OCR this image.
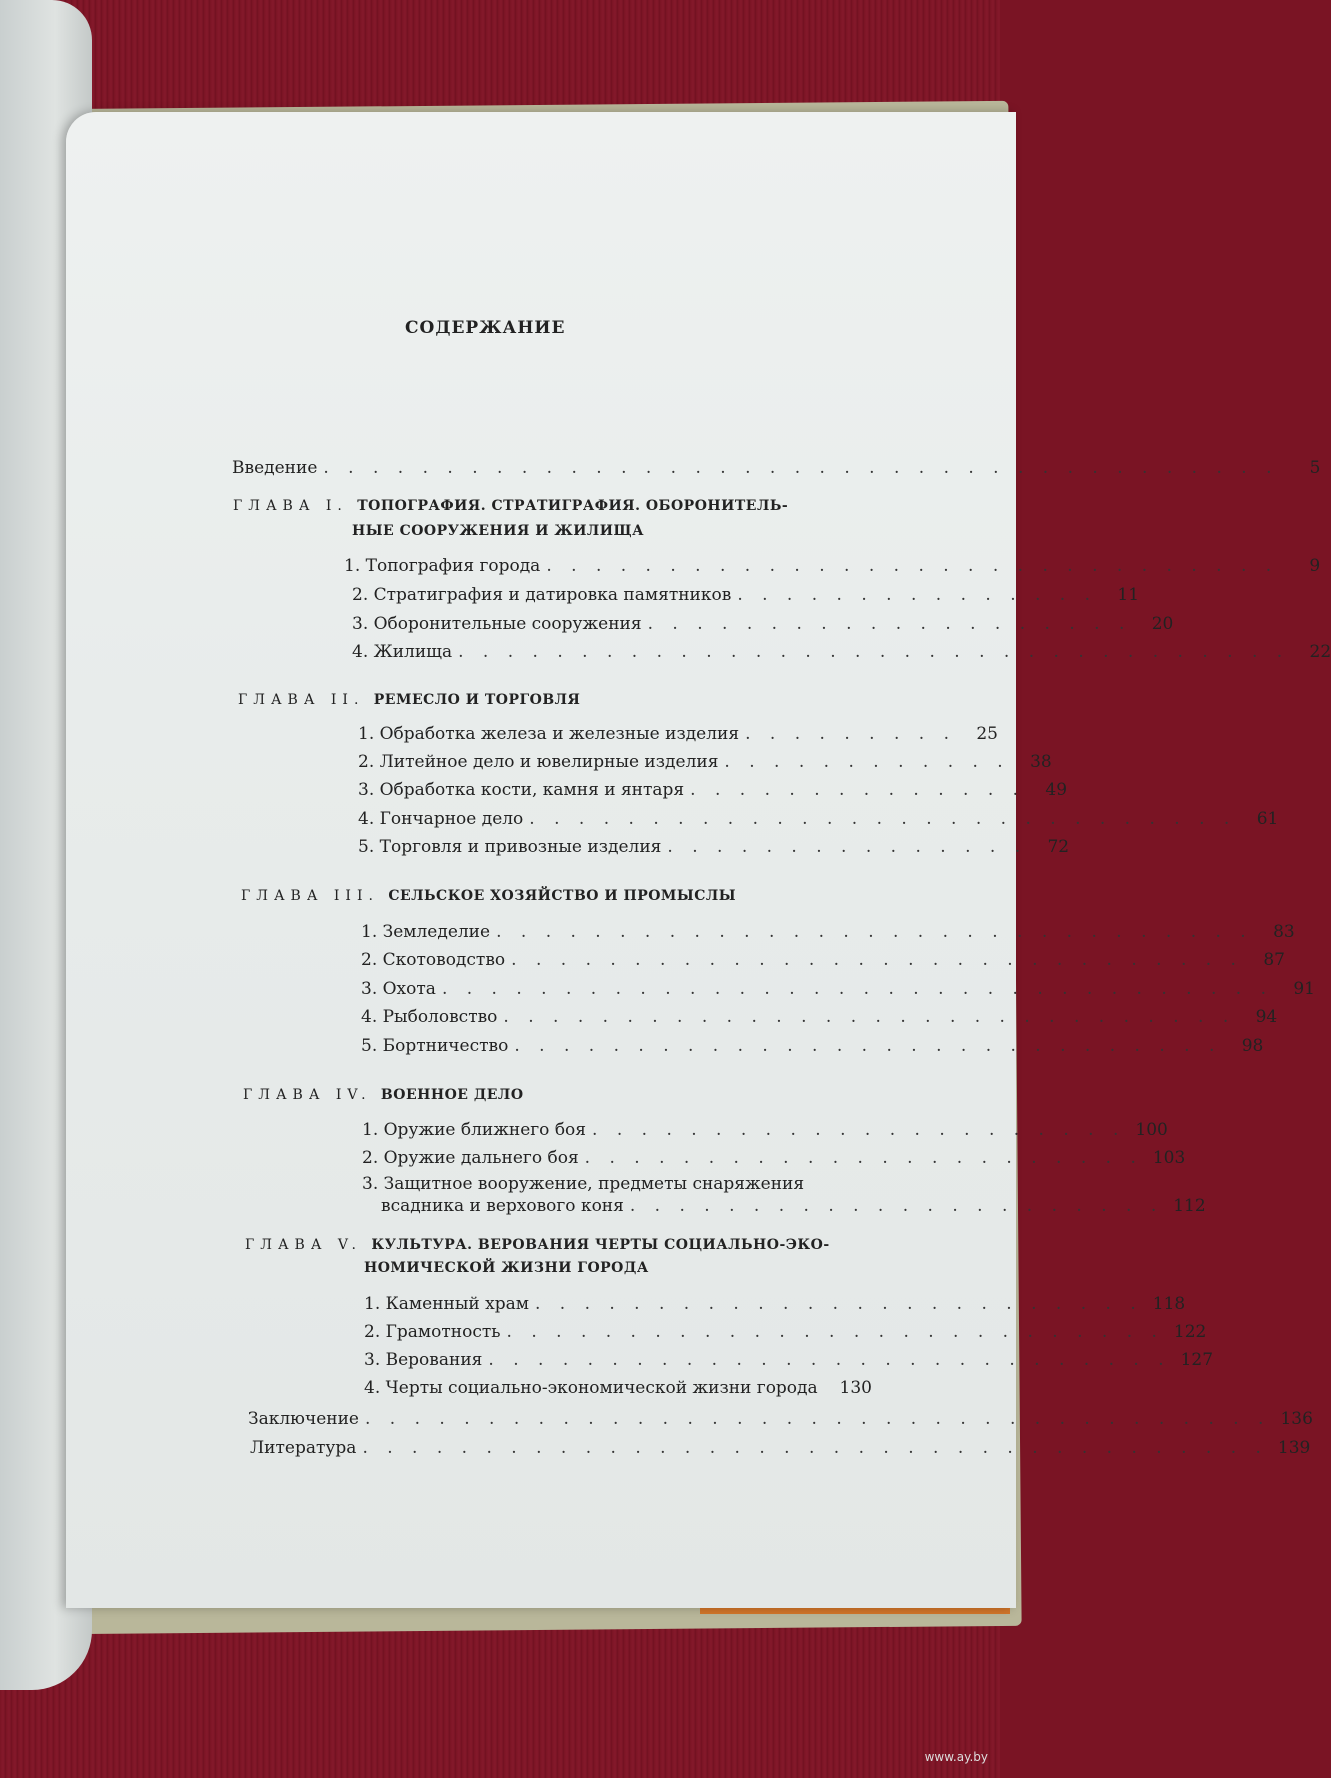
СОДЕРЖАНИЕ
Введение . . . . . . . . . . . . . . . . . . . . . . . . . . . . . . . . . . . . . . .	5
ГЛАВА I. ТОПОГРАФИЯ. СТРАТИГРАФИЯ. ОБОРОНИТЕЛЬ-
НЫЕ СООРУЖЕНИЯ И ЖИЛИЩА
1. Топография города . . . . . . . . . . . . . . . . . . . . . . . . . . . . . .	9
2. Стратиграфия и датировка памятников . . . . . . . . . . . . . . .	11
3. Оборонительные сооружения . . . . . . . . . . . . . . . . . . . .	20
4. Жилища . . . . . . . . . . . . . . . . . . . . . . . . . . . . . . . . . .	22
ГЛАВА II. РЕМЕСЛО И ТОРГОВЛЯ
1. Обработка железа и железные изделия . . . . . . . . .	25
2. Литейное дело и ювелирные изделия . . . . . . . . . . . .	38
3. Обработка кости, камня и янтаря . . . . . . . . . . . . . .	49
4. Гончарное дело . . . . . . . . . . . . . . . . . . . . . . . . . . . . .	61
5. Торговля и привозные изделия . . . . . . . . . . . . . . .	72
ГЛАВА III. СЕЛЬСКОЕ ХОЗЯЙСТВО И ПРОМЫСЛЫ
1. Земледелие . . . . . . . . . . . . . . . . . . . . . . . . . . . . . . .	83
2. Скотоводство . . . . . . . . . . . . . . . . . . . . . . . . . . . . . .	87
3. Охота . . . . . . . . . . . . . . . . . . . . . . . . . . . . . . . . . .	91
4. Рыболовство . . . . . . . . . . . . . . . . . . . . . . . . . . . . . .	94
5. Бортничество . . . . . . . . . . . . . . . . . . . . . . . . . . . . .	98
ГЛАВА IV. ВОЕННОЕ ДЕЛО
1. Оружие ближнего боя . . . . . . . . . . . . . . . . . . . . . . 100
2. Оружие дальнего боя . . . . . . . . . . . . . . . . . . . . . . . 103
3. Защитное вооружение, предметы снаряжения
всадника и верхового коня . . . . . . . . . . . . . . . . . . . . . . 112
ГЛАВА V. КУЛЬТУРА. ВЕРОВАНИЯ ЧЕРТЫ СОЦИАЛЬНО-ЭКО-
НОМИЧЕСКОЙ ЖИЗНИ ГОРОДА
1. Каменный храм . . . . . . . . . . . . . . . . . . . . . . . . . 118
2. Грамотность . . . . . . . . . . . . . . . . . . . . . . . . . . . 122
3. Верования . . . . . . . . . . . . . . . . . . . . . . . . . . . . 127
4. Черты социально-экономической жизни города	130
Заключение . . . . . . . . . . . . . . . . . . . . . . . . . . . . . . . . . . . . . 136
Литература . . . . . . . . . . . . . . . . . . . . . . . . . . . . . . . . . . . . . 139
www.ay.by
